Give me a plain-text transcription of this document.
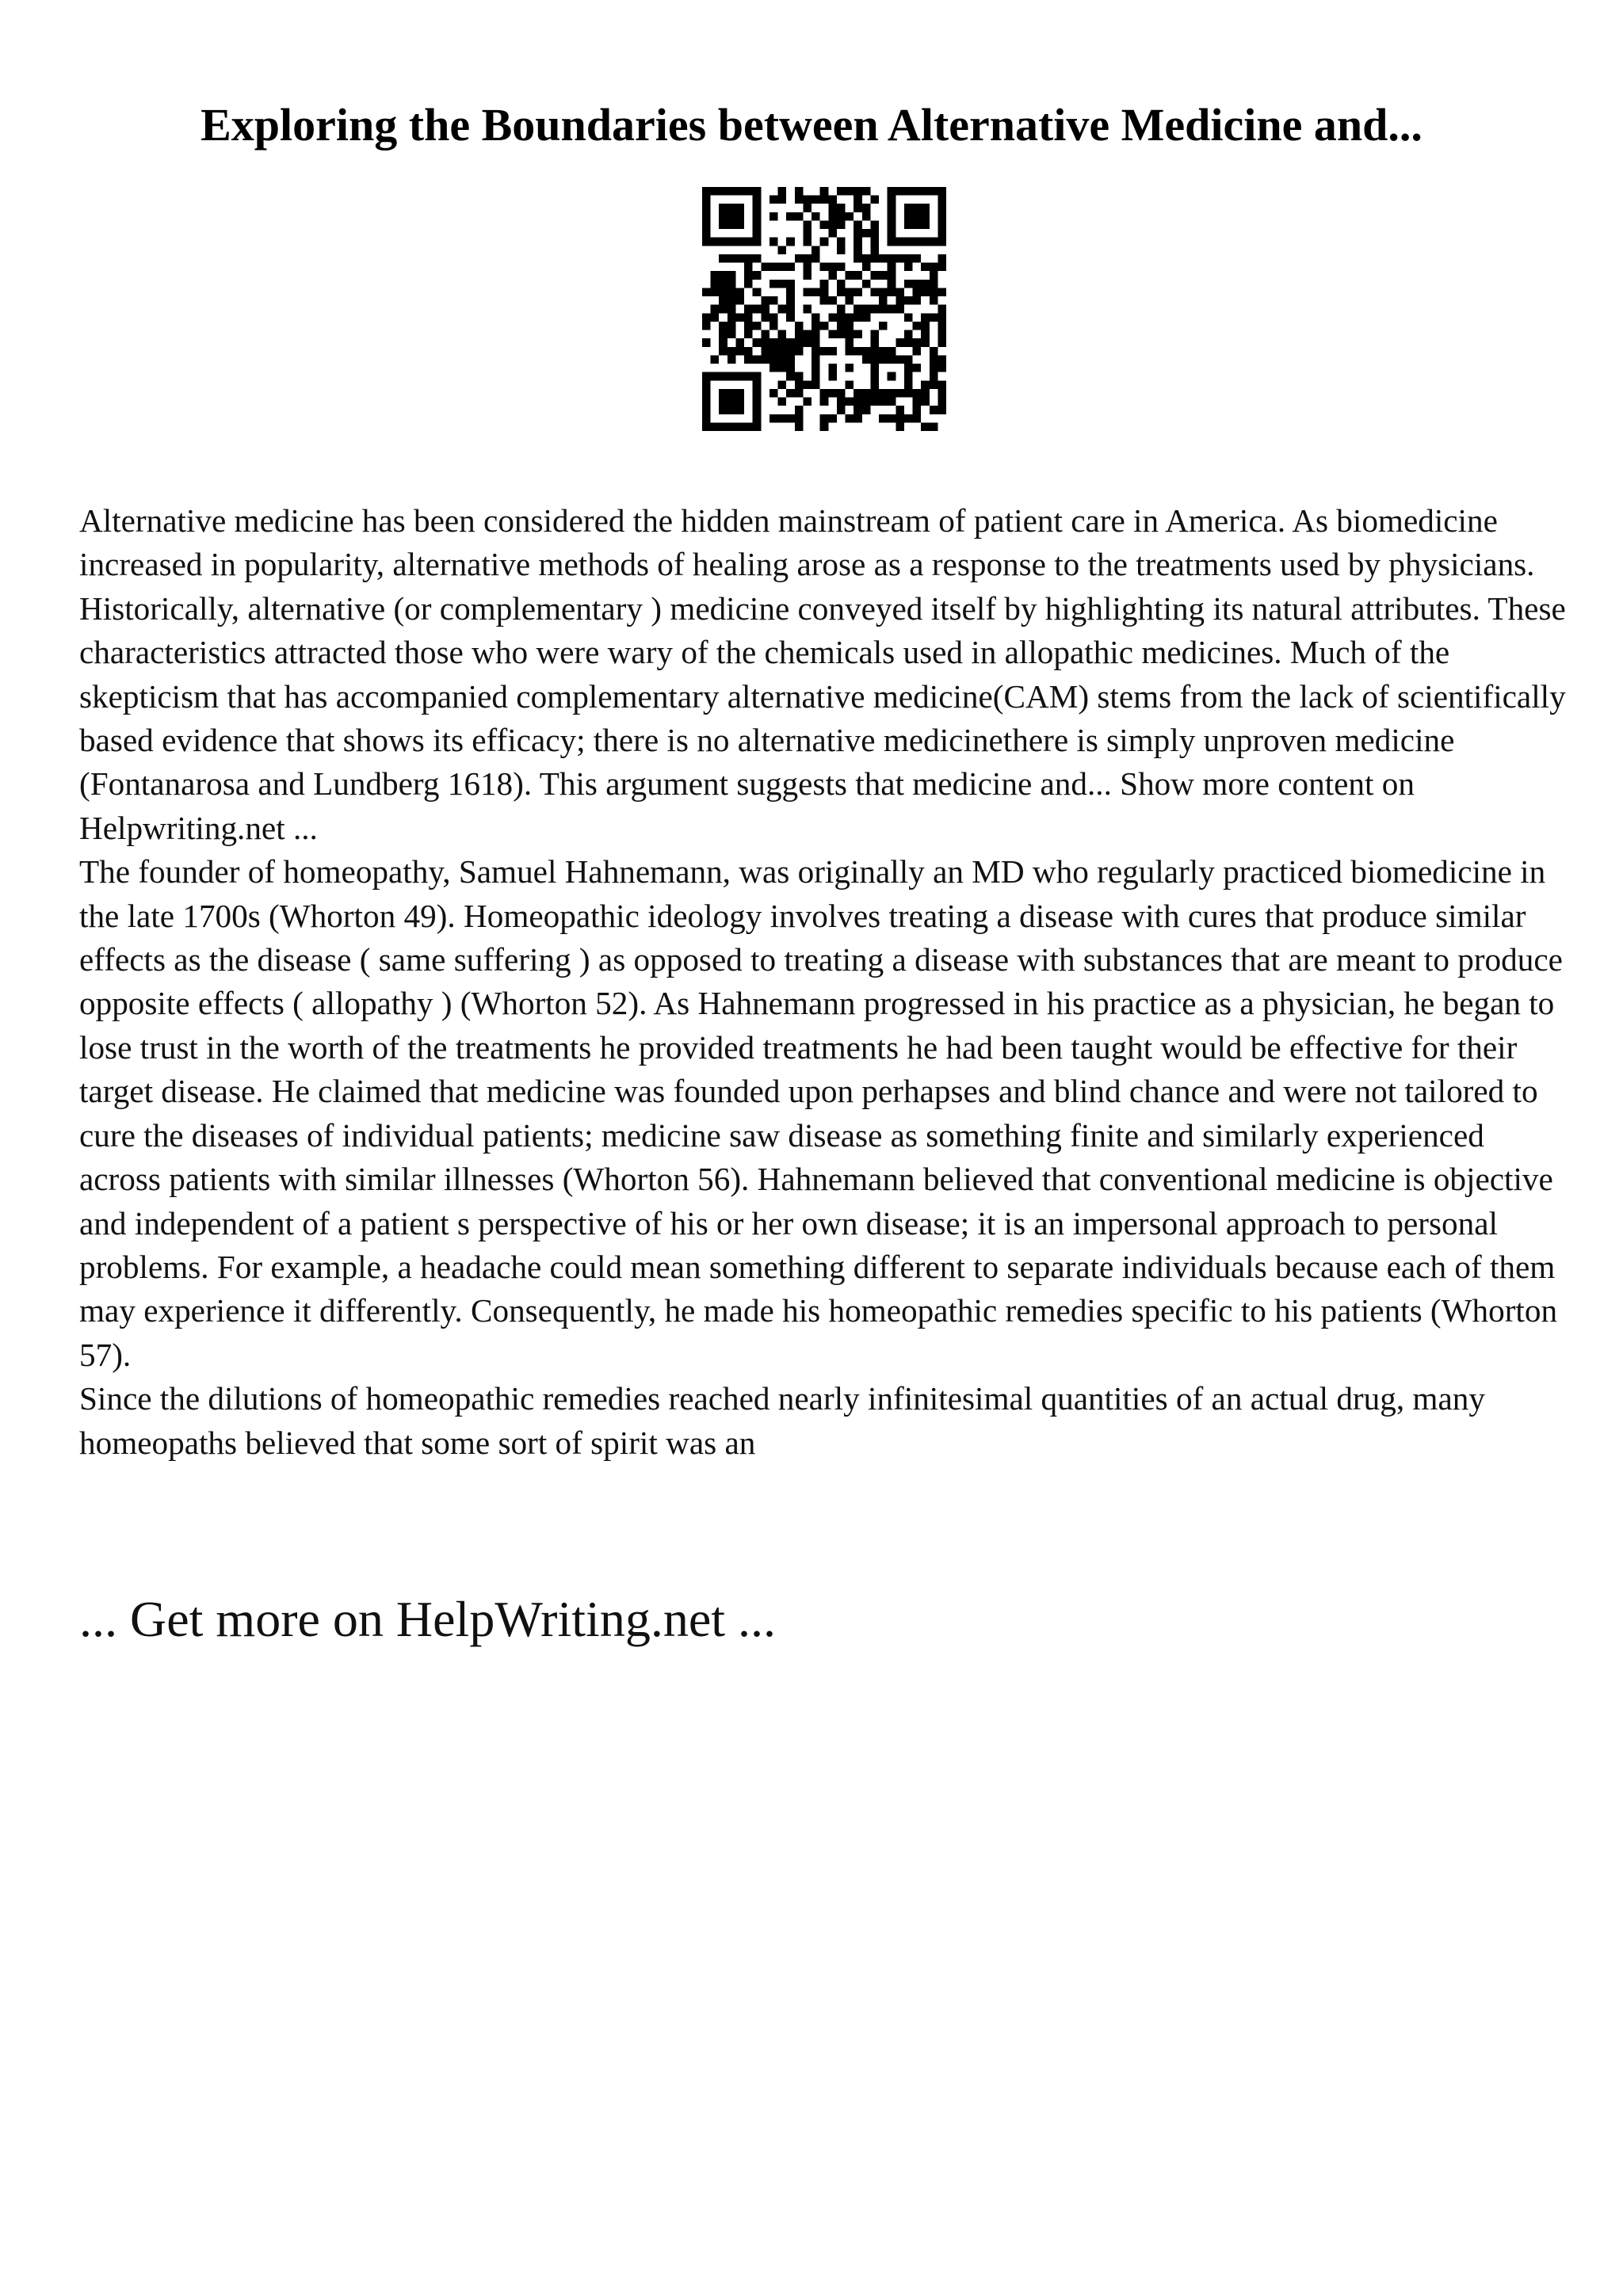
Exploring the Boundaries between Alternative Medicine and...

Alternative medicine has been considered the hidden mainstream of patient care in America. As biomedicine increased in popularity, alternative methods of healing arose as a response to the treatments used by physicians. Historically, alternative (or complementary ) medicine conveyed itself by highlighting its natural attributes. These characteristics attracted those who were wary of the chemicals used in allopathic medicines. Much of the skepticism that has accompanied complementary alternative medicine(CAM) stems from the lack of scientifically based evidence that shows its efficacy; there is no alternative medicinethere is simply unproven medicine (Fontanarosa and Lundberg 1618). This argument suggests that medicine and... Show more content on Helpwriting.net ...

The founder of homeopathy, Samuel Hahnemann, was originally an MD who regularly practiced biomedicine in the late 1700s (Whorton 49). Homeopathic ideology involves treating a disease with cures that produce similar effects as the disease ( same suffering ) as opposed to treating a disease with substances that are meant to produce opposite effects ( allopathy ) (Whorton 52). As Hahnemann progressed in his practice as a physician, he began to lose trust in the worth of the treatments he provided treatments he had been taught would be effective for their target disease. He claimed that medicine was founded upon perhapses and blind chance and were not tailored to cure the diseases of individual patients; medicine saw disease as something finite and similarly experienced across patients with similar illnesses (Whorton 56). Hahnemann believed that conventional medicine is objective and independent of a patient s perspective of his or her own disease; it is an impersonal approach to personal problems. For example, a headache could mean something different to separate individuals because each of them may experience it differently. Consequently, he made his homeopathic remedies specific to his patients (Whorton 57).

Since the dilutions of homeopathic remedies reached nearly infinitesimal quantities of an actual drug, many homeopaths believed that some sort of spirit was an

... Get more on HelpWriting.net ...
